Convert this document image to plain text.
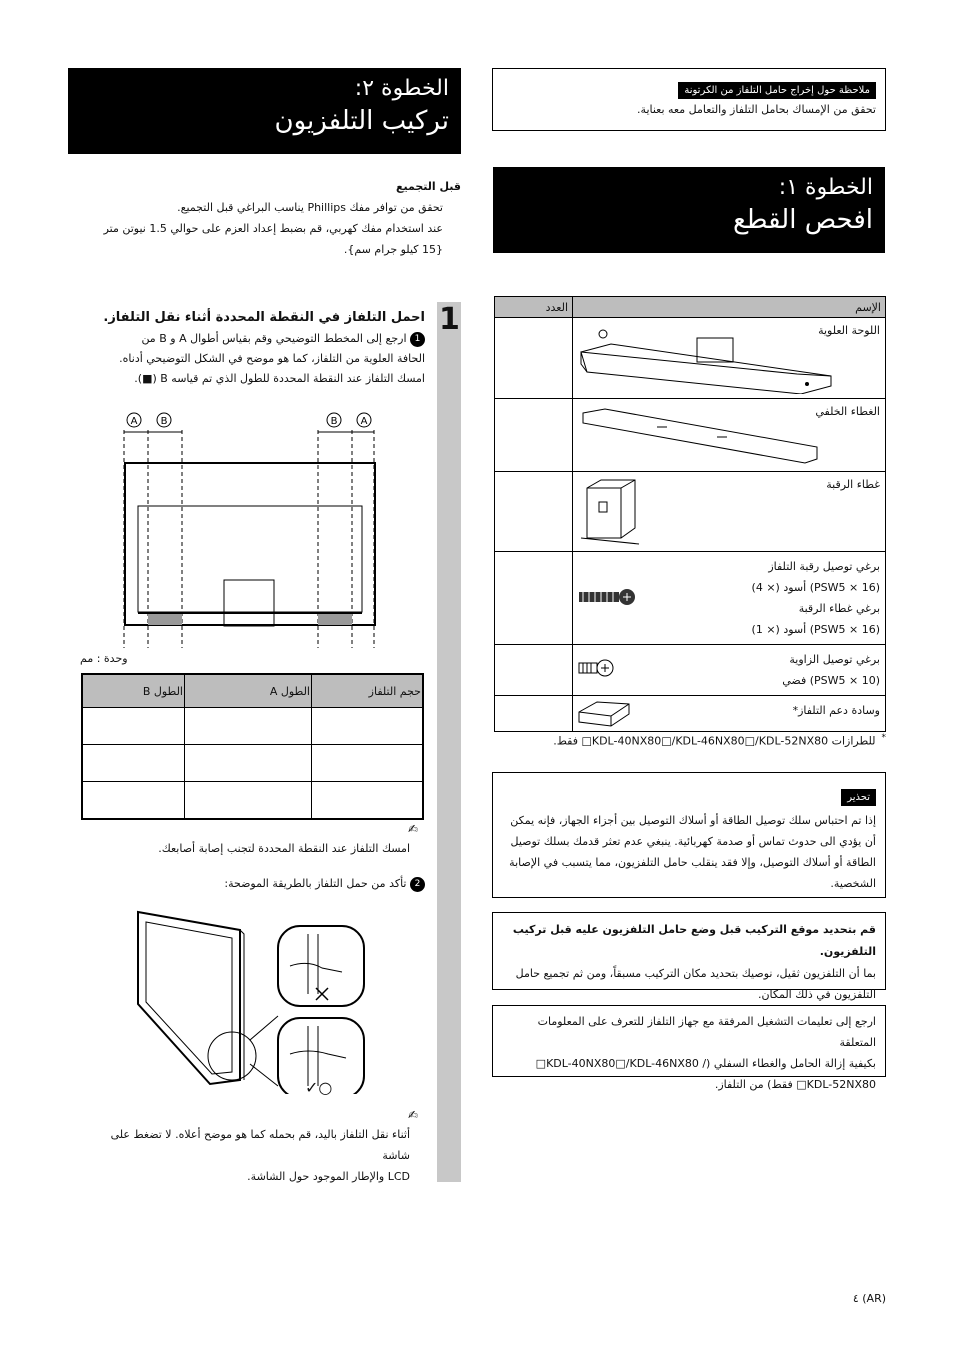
الخطوة ٢:
تركيب التلفزيون
ملاحظة حول إخراج حامل التلفاز من الكرتونة
تحقق من الإمساك بحامل التلفاز والتعامل معه بعناية.
الخطوة ١:
افحص القطع
قبل التجميع
تحقق من توافر مفك Phillips يناسب البراغي قبل التجميع.
عند استخدام مفك كهربي، قم بضبط إعداد العزم على حوالي 1.5 نيوتن متر
{15 كيلو جرام سم}.
الإسم	العدد

اللوحة العلوية	

الغطاء الخلفي	

غطاء الرقبة	

برغي توصيل رقبة التلفاز
(PSW5 × 16) أسود (× 4)
برغي غطاء الرقبة
(PSW5 × 16) أسود (× 1)	

برغي توصيل الزاوية
(PSW5 × 10) فضي	

وسادة دعم التلفاز*	

*للطرازات KDL-40NX80□/KDL-46NX80□/KDL-52NX80□ فقط.
1
احمل التلفاز في النقطة المحددة أثناء نقل التلفاز.
1 ارجع إلى المخطط التوضيحي وقم بقياس أطوال A و B من
الحافة العلوية من التلفاز، كما هو موضح في الشكل التوضيحي أدناه.
امسك التلفاز عند النقطة المحددة للطول الذي تم قياسه B (■).
A B	B A
وحدة : مم
حجم التلفاز	الطول A	الطول B

✍
امسك التلفاز عند النقطة المحددة لتجنب إصابة أصابعك.
2 تأكد من حمل التلفاز بالطريقة الموضحة:
✓○
✍
أثناء نقل التلفاز باليد، قم بحمله كما هو موضح أعلاه. لا تضغط على شاشة
LCD والإطار الموجود حول الشاشة.
تحذير
إذا تم احتباس سلك توصيل الطاقة أو أسلاك التوصيل بين أجزاء الجهاز، فإنه يمكن
أن يؤدي الى حدوث تماس أو صدمة كهربائية. ينبغي عدم تعثر قدمك بسلك توصيل
الطاقة أو أسلاك التوصيل، وإلا فقد ينقلب حامل التلفزيون، مما يتسبب في الإصابة
الشخصية.
قم بتحديد موقع التركيب قبل وضع حامل التلفزيون عليه قبل تركيب التلفزيون.
بما أن التلفزيون ثقيل، نوصيك بتحديد مكان التركيب مسبقاً، ومن ثم تجميع حامل
التلفزيون في ذلك المكان.
ارجع إلى تعليمات التشغيل المرفقة مع جهاز التلفاز للتعرف على المعلومات المتعلقة
بكيفية إزالة الحامل والغطاء السفلي (/ KDL-40NX80□/KDL-46NX80□
KDL-52NX80□ فقط) من التلفاز.
٤ (AR)
